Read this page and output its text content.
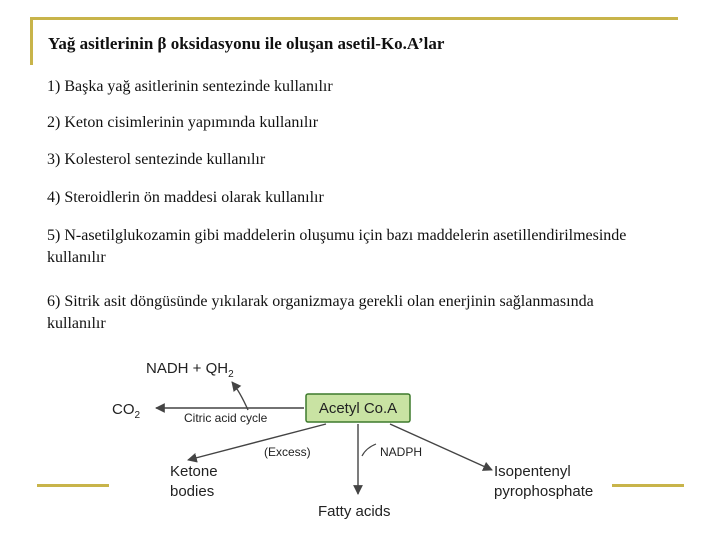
Yağ asitlerinin β oksidasyonu ile oluşan asetil-Ko.A’lar
1) Başka yağ asitlerinin sentezinde kullanılır
2) Keton cisimlerinin yapımında kullanılır
3) Kolesterol sentezinde kullanılır
4) Steroidlerin ön maddesi olarak kullanılır
5) N-asetilglukozamin gibi maddelerin oluşumu için bazı maddelerin asetillendirilmesinde kullanılır
6) Sitrik asit döngüsünde yıkılarak organizmaya gerekli olan enerjinin sağlanmasında kullanılır
NADH + $QH_2$
$CO_2$	Citric acid cycle
Acetyl Co.A
(Excess)	NADPH
Ketone
bodies
Isopentenyl
pyrophosphate
Fatty acids
